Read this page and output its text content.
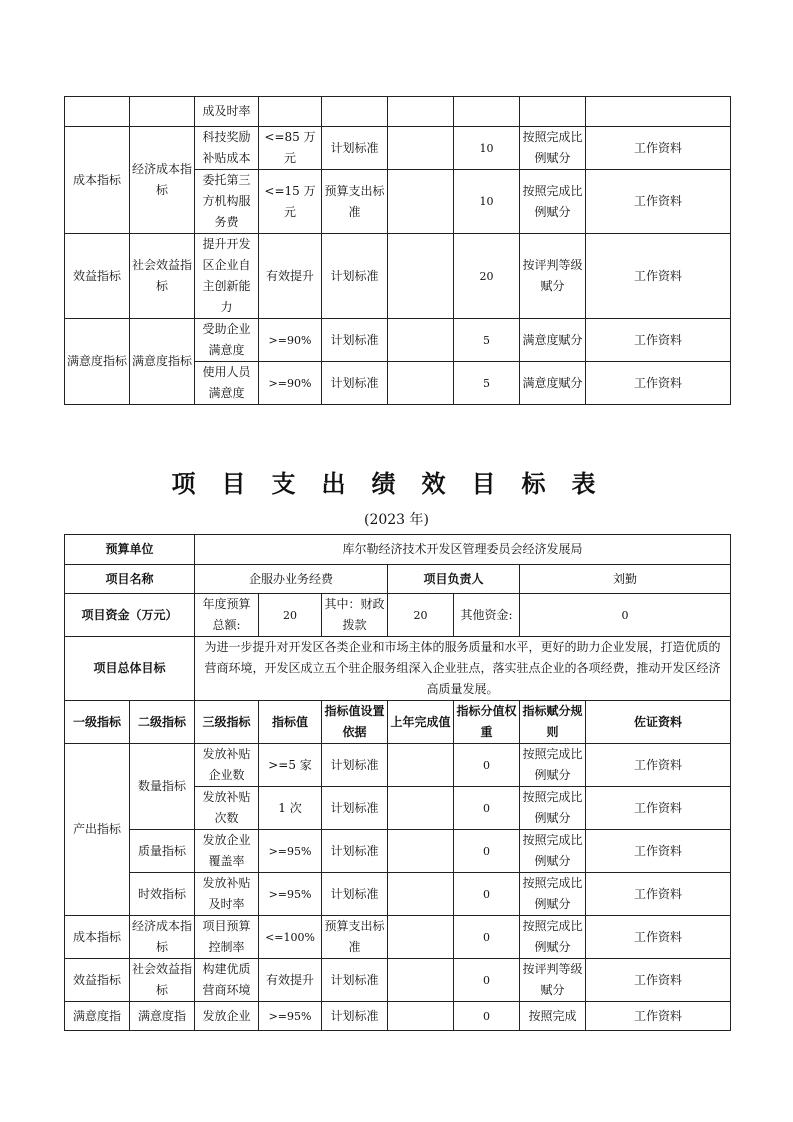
		成及时率						
成本指标	经济成本指标	科技奖励补贴成本	<=85 万元	计划标准		10	按照完成比例赋分	工作资料
		委托第三方机构服务费	<=15 万元	预算支出标准		10	按照完成比例赋分	工作资料
效益指标	社会效益指标	提升开发区企业自主创新能力	有效提升	计划标准		20	按评判等级赋分	工作资料
满意度指标	满意度指标	受助企业满意度	>=90%	计划标准		5	满意度赋分	工作资料
		使用人员满意度	>=90%	计划标准		5	满意度赋分	工作资料
项目支出绩效目标表
(2023 年)
预算单位		库尔勒经济技术开发区管理委员会经济发展局						
项目名称		企服办业务经费			项目负责人		刘勤	
项目资金（万元）		年度预算总额:	20	其中：财政拨款	20	其他资金:	0	
项目总体目标		为进一步提升对开发区各类企业和市场主体的服务质量和水平，更好的助力企业发展，打造优质的营商环境，开发区成立五个驻企服务组深入企业驻点，落实驻点企业的各项经费，推动开发区经济高质量发展。						
一级指标	二级指标	三级指标	指标值	指标值设置依据	上年完成值	指标分值权重	指标赋分规则	佐证资料
产出指标	数量指标	发放补贴企业数	>=5 家	计划标准		0	按照完成比例赋分	工作资料
		发放补贴次数	1 次	计划标准		0	按照完成比例赋分	工作资料
	质量指标	发放企业覆盖率	>=95%	计划标准		0	按照完成比例赋分	工作资料
	时效指标	发放补贴及时率	>=95%	计划标准		0	按照完成比例赋分	工作资料
成本指标	经济成本指标	项目预算控制率	<=100%	预算支出标准		0	按照完成比例赋分	工作资料
效益指标	社会效益指标	构建优质营商环境	有效提升	计划标准		0	按评判等级赋分	工作资料
满意度指	满意度指	发放企业	>=95%	计划标准		0	按照完成	工作资料
